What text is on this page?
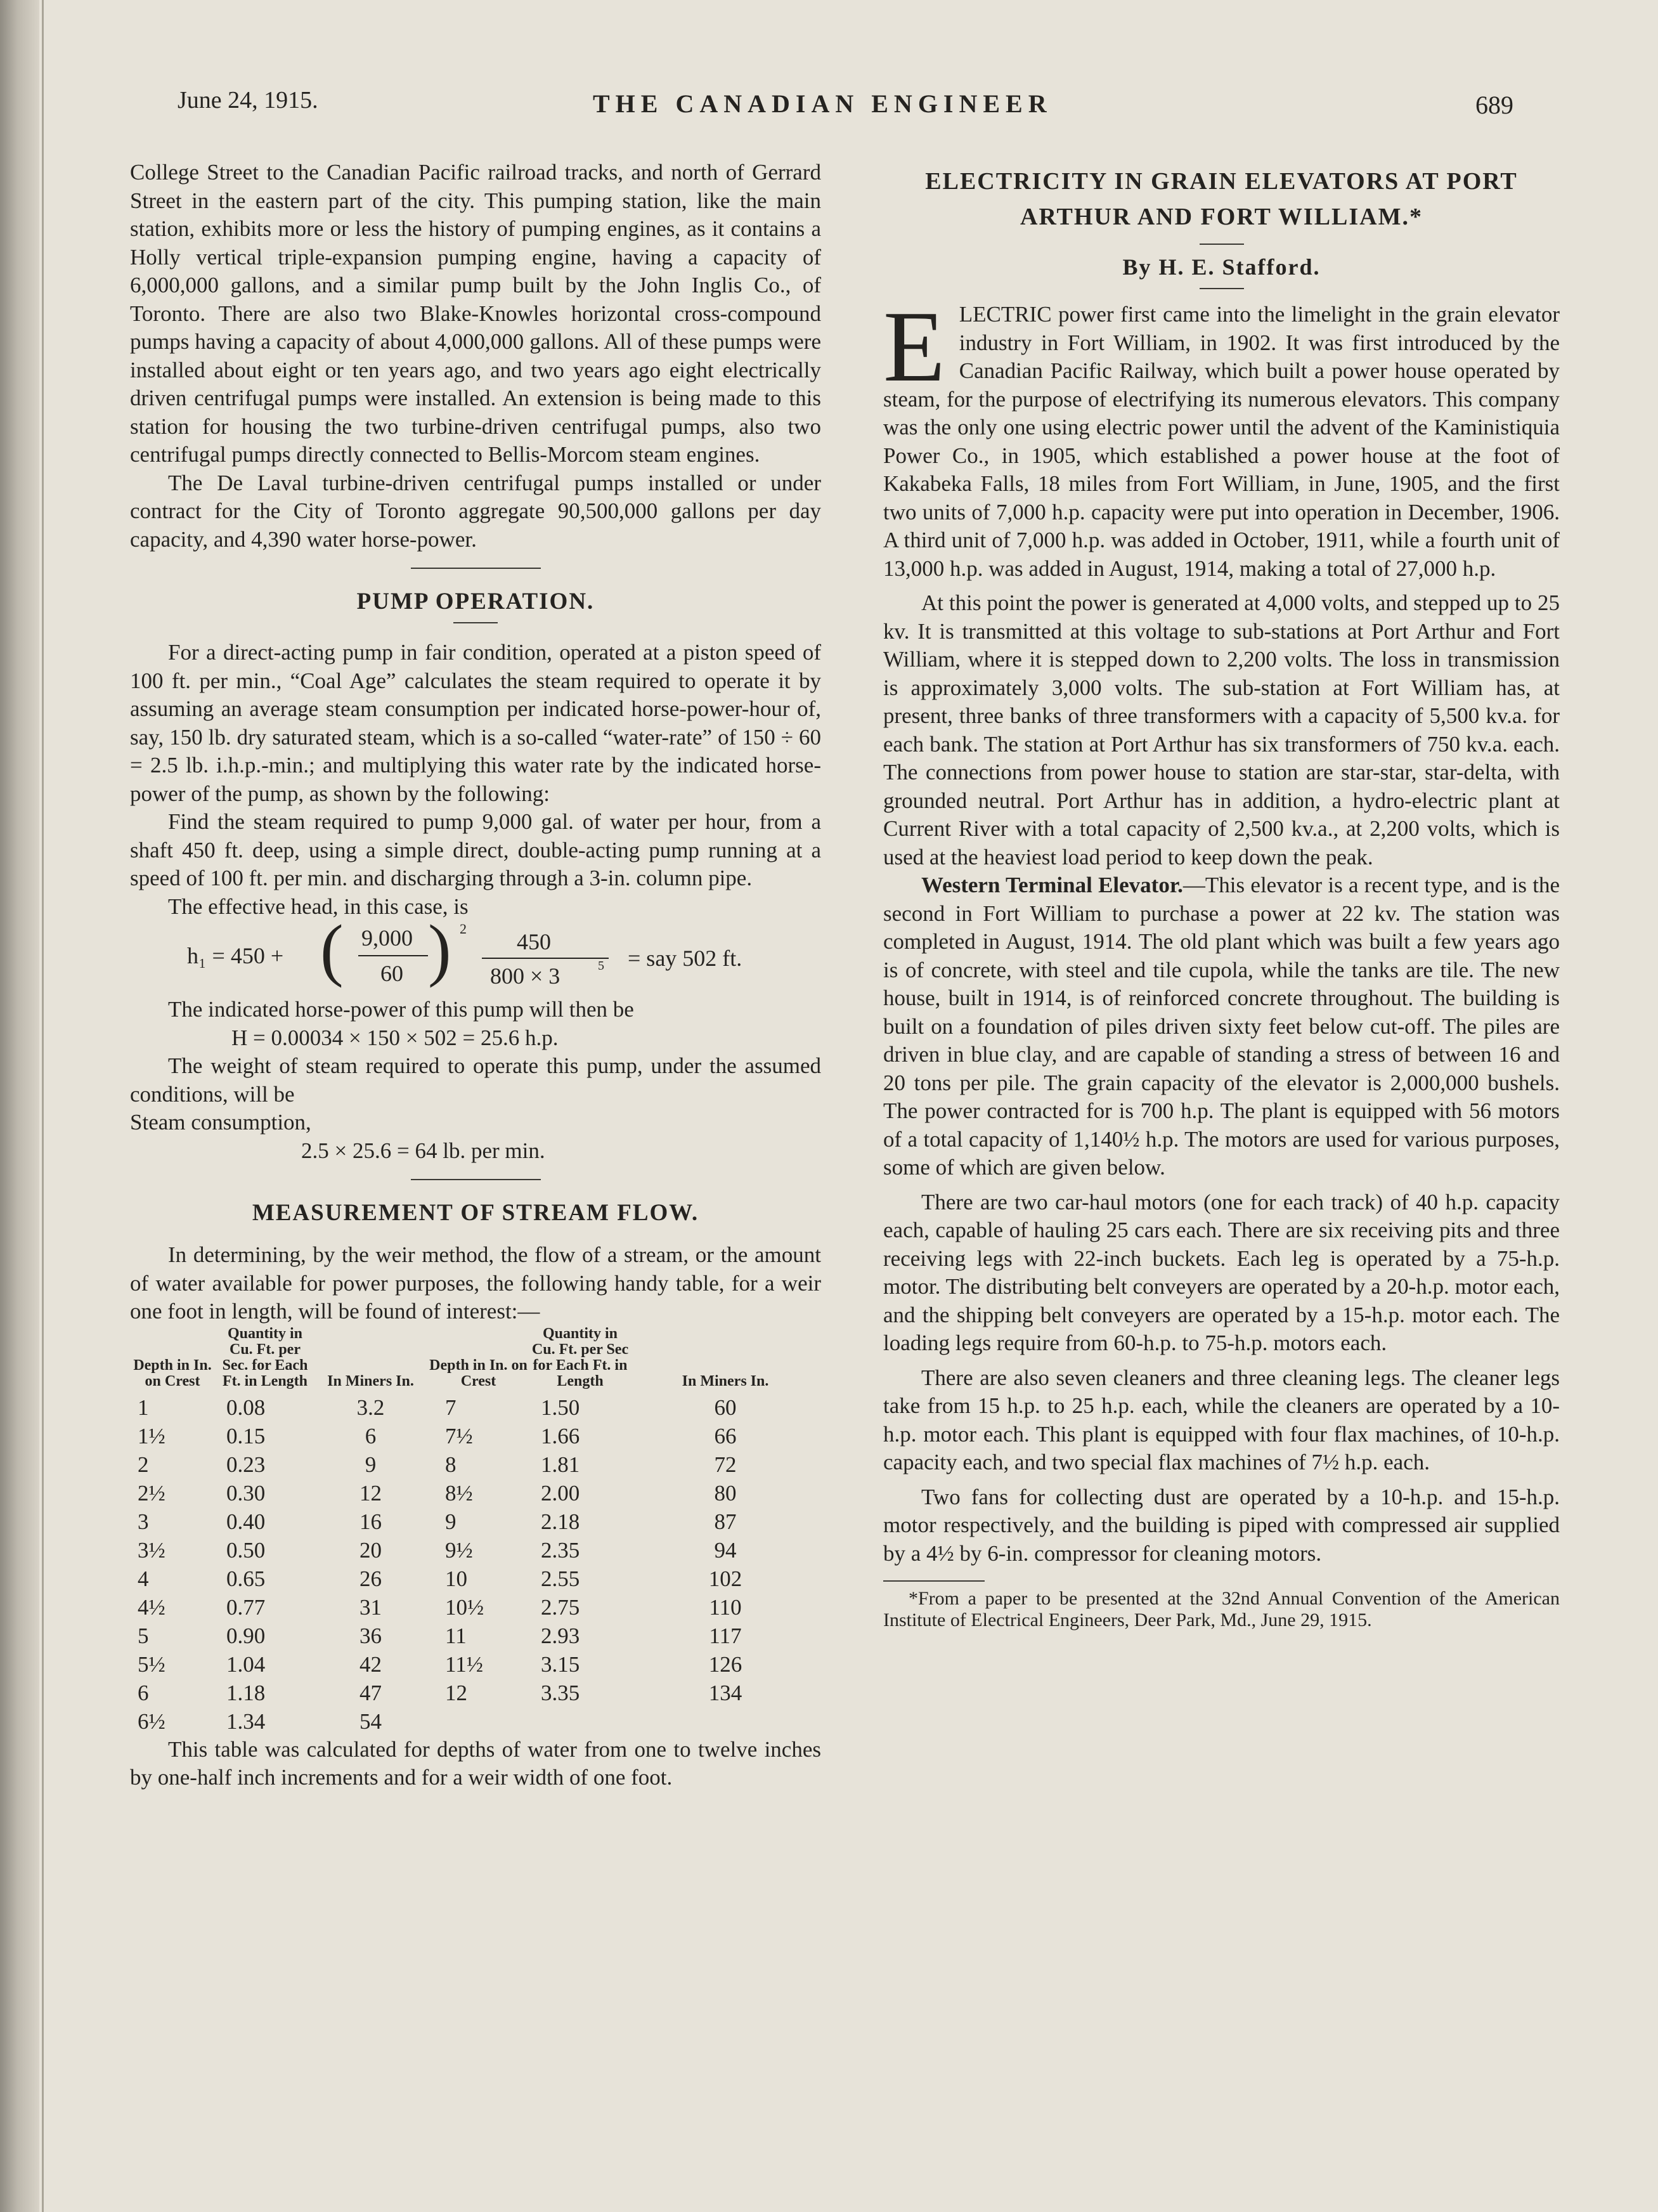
June 24, 1915.	THE CANADIAN ENGINEER	689

College Street to the Canadian Pacific railroad tracks, and north of Gerrard Street in the eastern part of the city. This pumping station, like the main station, exhibits more or less the history of pumping engines, as it contains a Holly vertical triple-expansion pumping engine, having a capacity of 6,000,000 gallons, and a similar pump built by the John Inglis Co., of Toronto. There are also two Blake-Knowles horizontal cross-compound pumps having a capacity of about 4,000,000 gallons. All of these pumps were installed about eight or ten years ago, and two years ago eight electrically driven centrifugal pumps were installed. An extension is being made to this station for housing the two turbine-driven centrifugal pumps, also two centrifugal pumps directly connected to Bellis-Morcom steam engines.

The De Laval turbine-driven centrifugal pumps installed or under contract for the City of Toronto aggregate 90,500,000 gallons per day capacity, and 4,390 water horse-power.

PUMP OPERATION.

For a direct-acting pump in fair condition, operated at a piston speed of 100 ft. per min., “Coal Age” calculates the steam required to operate it by assuming an average steam consumption per indicated horse-power-hour of, say, 150 lb. dry saturated steam, which is a so-called “water-rate” of 150 ÷ 60 = 2.5 lb. i.h.p.-min.; and multiplying this water rate by the indicated horse-power of the pump, as shown by the following:

Find the steam required to pump 9,000 gal. of water per hour, from a shaft 450 ft. deep, using a simple direct, double-acting pump running at a speed of 100 ft. per min. and discharging through a 3-in. column pipe.

The effective head, in this case, is

h₁ = 450 + ( 9,000
60 ) 2
450
800 × 3	5 = say 502 ft.

The indicated horse-power of this pump will then be

H = 0.00034 × 150 × 502 = 25.6 h.p.

The weight of steam required to operate this pump, under the assumed conditions, will be

Steam consumption,

2.5 × 25.6 = 64 lb. per min.

MEASUREMENT OF STREAM FLOW.

In determining, by the weir method, the flow of a stream, or the amount of water available for power purposes, the following handy table, for a weir one foot in length, will be found of interest:—

Depth in In. on Crest	Quantity in Cu. Ft. per Sec. for Each Ft. in Length	In Miners In.	Depth in In. on Crest	Quantity in Cu. Ft. per Sec for Each Ft. in Length	In Miners In.
1	0.08	3.2	7	1.50	60
1½	0.15	6	7½	1.66	66
2	0.23	9	8	1.81	72
2½	0.30	12	8½	2.00	80
3	0.40	16	9	2.18	87
3½	0.50	20	9½	2.35	94
4	0.65	26	10	2.55	102
4½	0.77	31	10½	2.75	110
5	0.90	36	11	2.93	117
5½	1.04	42	11½	3.15	126
6	1.18	47	12	3.35	134
6½	1.34	54			

This table was calculated for depths of water from one to twelve inches by one-half inch increments and for a weir width of one foot.

ELECTRICITY IN GRAIN ELEVATORS AT PORT ARTHUR AND FORT WILLIAM.*
By H. E. Stafford.

ELECTRIC power first came into the limelight in the grain elevator industry in Fort William, in 1902. It was first introduced by the Canadian Pacific Railway, which built a power house operated by steam, for the purpose of electrifying its numerous elevators. This company was the only one using electric power until the advent of the Kaministiquia Power Co., in 1905, which established a power house at the foot of Kakabeka Falls, 18 miles from Fort William, in June, 1905, and the first two units of 7,000 h.p. capacity were put into operation in December, 1906. A third unit of 7,000 h.p. was added in October, 1911, while a fourth unit of 13,000 h.p. was added in August, 1914, making a total of 27,000 h.p.

At this point the power is generated at 4,000 volts, and stepped up to 25 kv. It is transmitted at this voltage to sub-stations at Port Arthur and Fort William, where it is stepped down to 2,200 volts. The loss in transmission is approximately 3,000 volts. The sub-station at Fort William has, at present, three banks of three transformers with a capacity of 5,500 kv.a. for each bank. The station at Port Arthur has six transformers of 750 kv.a. each. The connections from power house to station are star-star, star-delta, with grounded neutral. Port Arthur has in addition, a hydro-electric plant at Current River with a total capacity of 2,500 kv.a., at 2,200 volts, which is used at the heaviest load period to keep down the peak.

Western Terminal Elevator.—This elevator is a recent type, and is the second in Fort William to purchase a power at 22 kv. The station was completed in August, 1914. The old plant which was built a few years ago is of concrete, with steel and tile cupola, while the tanks are tile. The new house, built in 1914, is of reinforced concrete throughout. The building is built on a foundation of piles driven sixty feet below cut-off. The piles are driven in blue clay, and are capable of standing a stress of between 16 and 20 tons per pile. The grain capacity of the elevator is 2,000,000 bushels. The power contracted for is 700 h.p. The plant is equipped with 56 motors of a total capacity of 1,140½ h.p. The motors are used for various purposes, some of which are given below.

There are two car-haul motors (one for each track) of 40 h.p. capacity each, capable of hauling 25 cars each. There are six receiving pits and three receiving legs with 22-inch buckets. Each leg is operated by a 75-h.p. motor. The distributing belt conveyers are operated by a 20-h.p. motor each, and the shipping belt conveyers are operated by a 15-h.p. motor each. The loading legs require from 60-h.p. to 75-h.p. motors each.

There are also seven cleaners and three cleaning legs. The cleaner legs take from 15 h.p. to 25 h.p. each, while the cleaners are operated by a 10-h.p. motor each. This plant is equipped with four flax machines, of 10-h.p. capacity each, and two special flax machines of 7½ h.p. each.

Two fans for collecting dust are operated by a 10-h.p. and 15-h.p. motor respectively, and the building is piped with compressed air supplied by a 4½ by 6-in. compressor for cleaning motors.

*From a paper to be presented at the 32nd Annual Convention of the American Institute of Electrical Engineers, Deer Park, Md., June 29, 1915.
